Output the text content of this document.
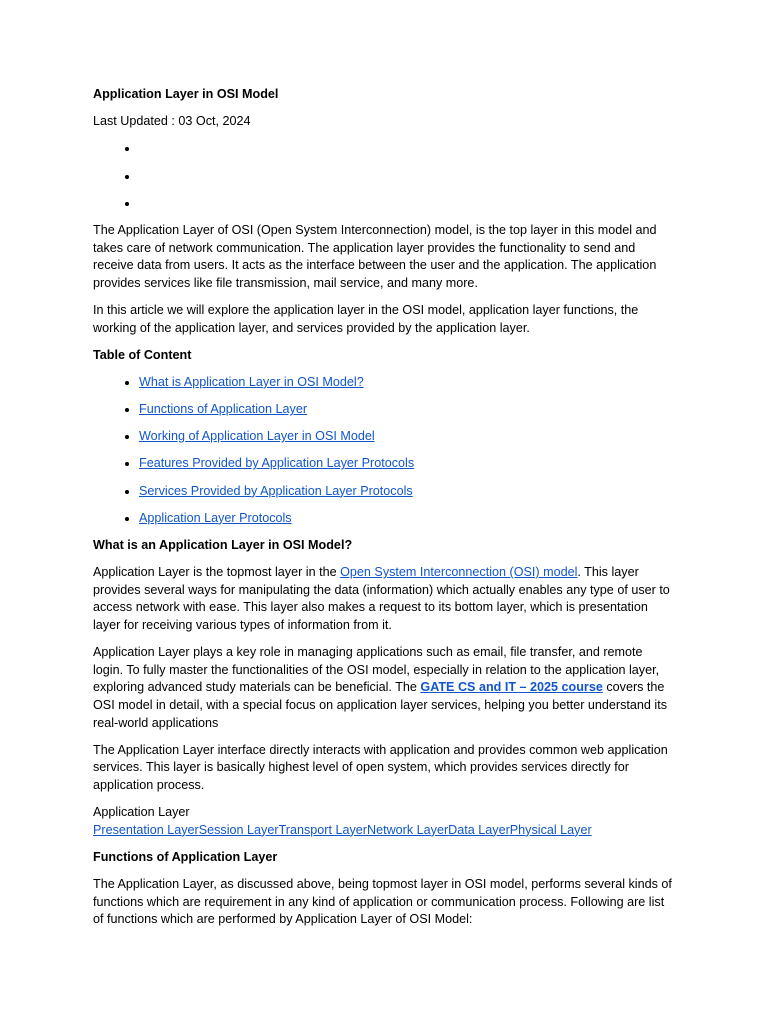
Application Layer in OSI Model

Last Updated : 03 Oct, 2024

•
•
•

The Application Layer of OSI (Open System Interconnection) model, is the top layer in this model and takes care of network communication. The application layer provides the functionality to send and receive data from users. It acts as the interface between the user and the application. The application provides services like file transmission, mail service, and many more.

In this article we will explore the application layer in the OSI model, application layer functions, the working of the application layer, and services provided by the application layer.

Table of Content

• What is Application Layer in OSI Model?
• Functions of Application Layer
• Working of Application Layer in OSI Model
• Features Provided by Application Layer Protocols
• Services Provided by Application Layer Protocols
• Application Layer Protocols

What is an Application Layer in OSI Model?

Application Layer is the topmost layer in the Open System Interconnection (OSI) model. This layer provides several ways for manipulating the data (information) which actually enables any type of user to access network with ease. This layer also makes a request to its bottom layer, which is presentation layer for receiving various types of information from it.

Application Layer plays a key role in managing applications such as email, file transfer, and remote login. To fully master the functionalities of the OSI model, especially in relation to the application layer, exploring advanced study materials can be beneficial. The GATE CS and IT – 2025 course covers the OSI model in detail, with a special focus on application layer services, helping you better understand its real-world applications

The Application Layer interface directly interacts with application and provides common web application services. This layer is basically highest level of open system, which provides services directly for application process.

Application Layer
Presentation LayerSession LayerTransport LayerNetwork LayerData LayerPhysical Layer

Functions of Application Layer

The Application Layer, as discussed above, being topmost layer in OSI model, performs several kinds of functions which are requirement in any kind of application or communication process. Following are list of functions which are performed by Application Layer of OSI Model:
